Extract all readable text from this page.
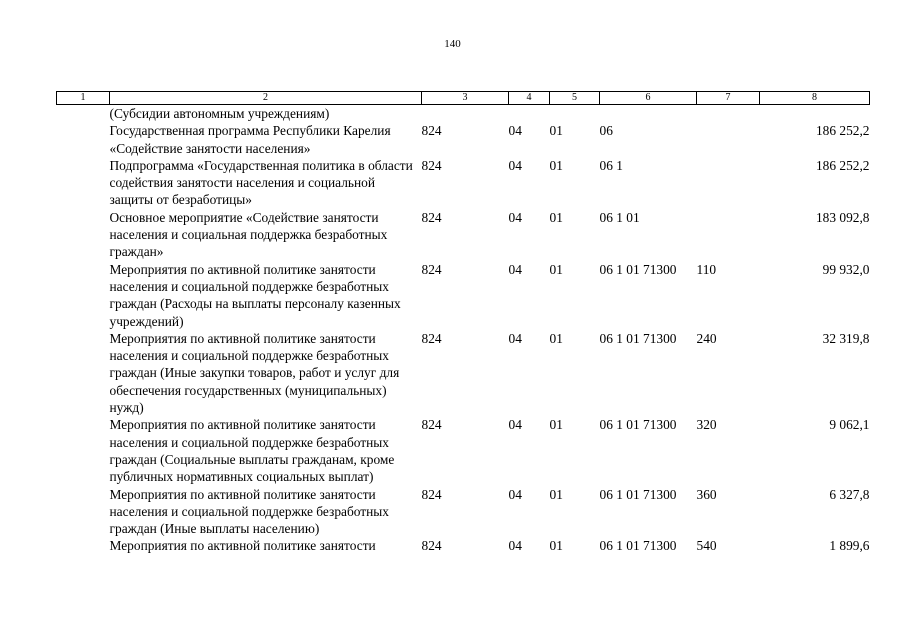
140
1	2	3	4	5	6	7	8
	(Субсидии автономным учреждениям)						
	Государственная программа Республики Карелия «Содействие занятости населения»	824	04	01	06		186 252,2
	Подпрограмма «Государственная политика в области содействия занятости населения и социальной защиты от безработицы»	824	04	01	06 1		186 252,2
	Основное мероприятие «Содействие занятости населения и социальная поддержка безработных граждан»	824	04	01	06 1 01		183 092,8
	Мероприятия по активной политике занятости населения и социальной поддержке безработных граждан (Расходы на выплаты персоналу казенных учреждений)	824	04	01	06 1 01 71300	110	99 932,0
	Мероприятия по активной политике занятости населения и социальной поддержке безработных граждан (Иные закупки товаров, работ и услуг для обеспечения государственных (муниципальных) нужд)	824	04	01	06 1 01 71300	240	32 319,8
	Мероприятия по активной политике занятости населения и социальной поддержке безработных граждан (Социальные выплаты гражданам, кроме публичных нормативных социальных выплат)	824	04	01	06 1 01 71300	320	9 062,1
	Мероприятия по активной политике занятости населения и социальной поддержке безработных граждан (Иные выплаты населению)	824	04	01	06 1 01 71300	360	6 327,8
	Мероприятия по активной политике занятости	824	04	01	06 1 01 71300	540	1 899,6
